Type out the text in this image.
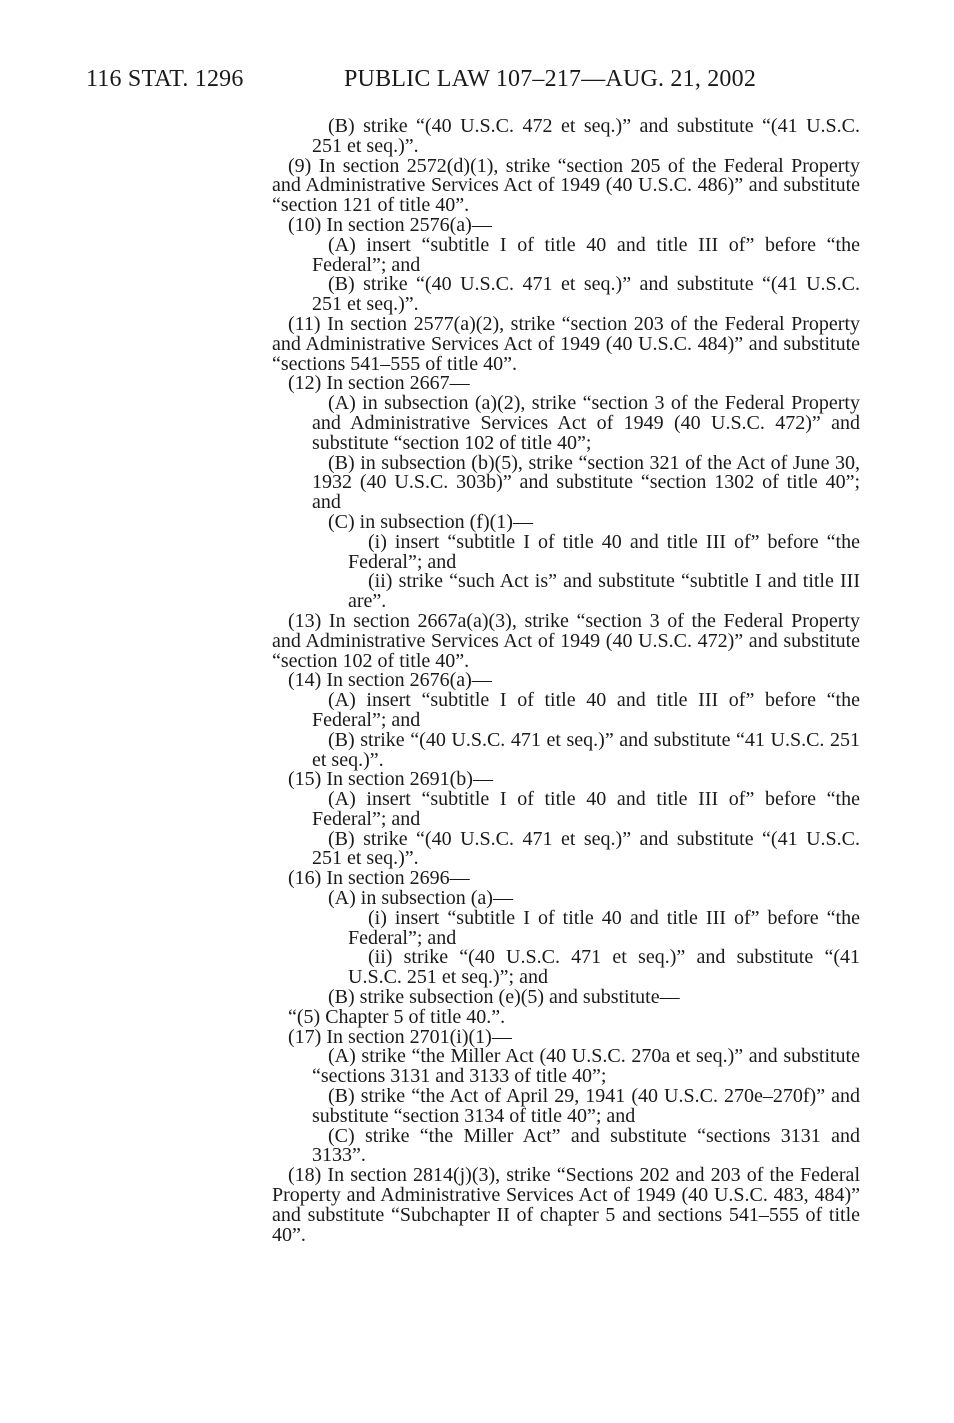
116 STAT. 1296	PUBLIC LAW 107–217—AUG. 21, 2002

(B) strike “(40 U.S.C. 472 et seq.)” and substitute “(41 U.S.C. 251 et seq.)”.

(9) In section 2572(d)(1), strike “section 205 of the Federal Property and Administrative Services Act of 1949 (40 U.S.C. 486)” and substitute “section 121 of title 40”.

(10) In section 2576(a)—

(A) insert “subtitle I of title 40 and title III of” before “the Federal”; and

(B) strike “(40 U.S.C. 471 et seq.)” and substitute “(41 U.S.C. 251 et seq.)”.

(11) In section 2577(a)(2), strike “section 203 of the Federal Property and Administrative Services Act of 1949 (40 U.S.C. 484)” and substitute “sections 541–555 of title 40”.

(12) In section 2667—

(A) in subsection (a)(2), strike “section 3 of the Federal Property and Administrative Services Act of 1949 (40 U.S.C. 472)” and substitute “section 102 of title 40”;

(B) in subsection (b)(5), strike “section 321 of the Act of June 30, 1932 (40 U.S.C. 303b)” and substitute “section 1302 of title 40”; and

(C) in subsection (f)(1)—

(i) insert “subtitle I of title 40 and title III of” before “the Federal”; and

(ii) strike “such Act is” and substitute “subtitle I and title III are”.

(13) In section 2667a(a)(3), strike “section 3 of the Federal Property and Administrative Services Act of 1949 (40 U.S.C. 472)” and substitute “section 102 of title 40”.

(14) In section 2676(a)—

(A) insert “subtitle I of title 40 and title III of” before “the Federal”; and

(B) strike “(40 U.S.C. 471 et seq.)” and substitute “41 U.S.C. 251 et seq.)”.

(15) In section 2691(b)—

(A) insert “subtitle I of title 40 and title III of” before “the Federal”; and

(B) strike “(40 U.S.C. 471 et seq.)” and substitute “(41 U.S.C. 251 et seq.)”.

(16) In section 2696—

(A) in subsection (a)—

(i) insert “subtitle I of title 40 and title III of” before “the Federal”; and

(ii) strike “(40 U.S.C. 471 et seq.)” and substitute “(41 U.S.C. 251 et seq.)”; and

(B) strike subsection (e)(5) and substitute—

“(5) Chapter 5 of title 40.”.

(17) In section 2701(i)(1)—

(A) strike “the Miller Act (40 U.S.C. 270a et seq.)” and substitute “sections 3131 and 3133 of title 40”;

(B) strike “the Act of April 29, 1941 (40 U.S.C. 270e–270f)” and substitute “section 3134 of title 40”; and

(C) strike “the Miller Act” and substitute “sections 3131 and 3133”.

(18) In section 2814(j)(3), strike “Sections 202 and 203 of the Federal Property and Administrative Services Act of 1949 (40 U.S.C. 483, 484)” and substitute “Subchapter II of chapter 5 and sections 541–555 of title 40”.
